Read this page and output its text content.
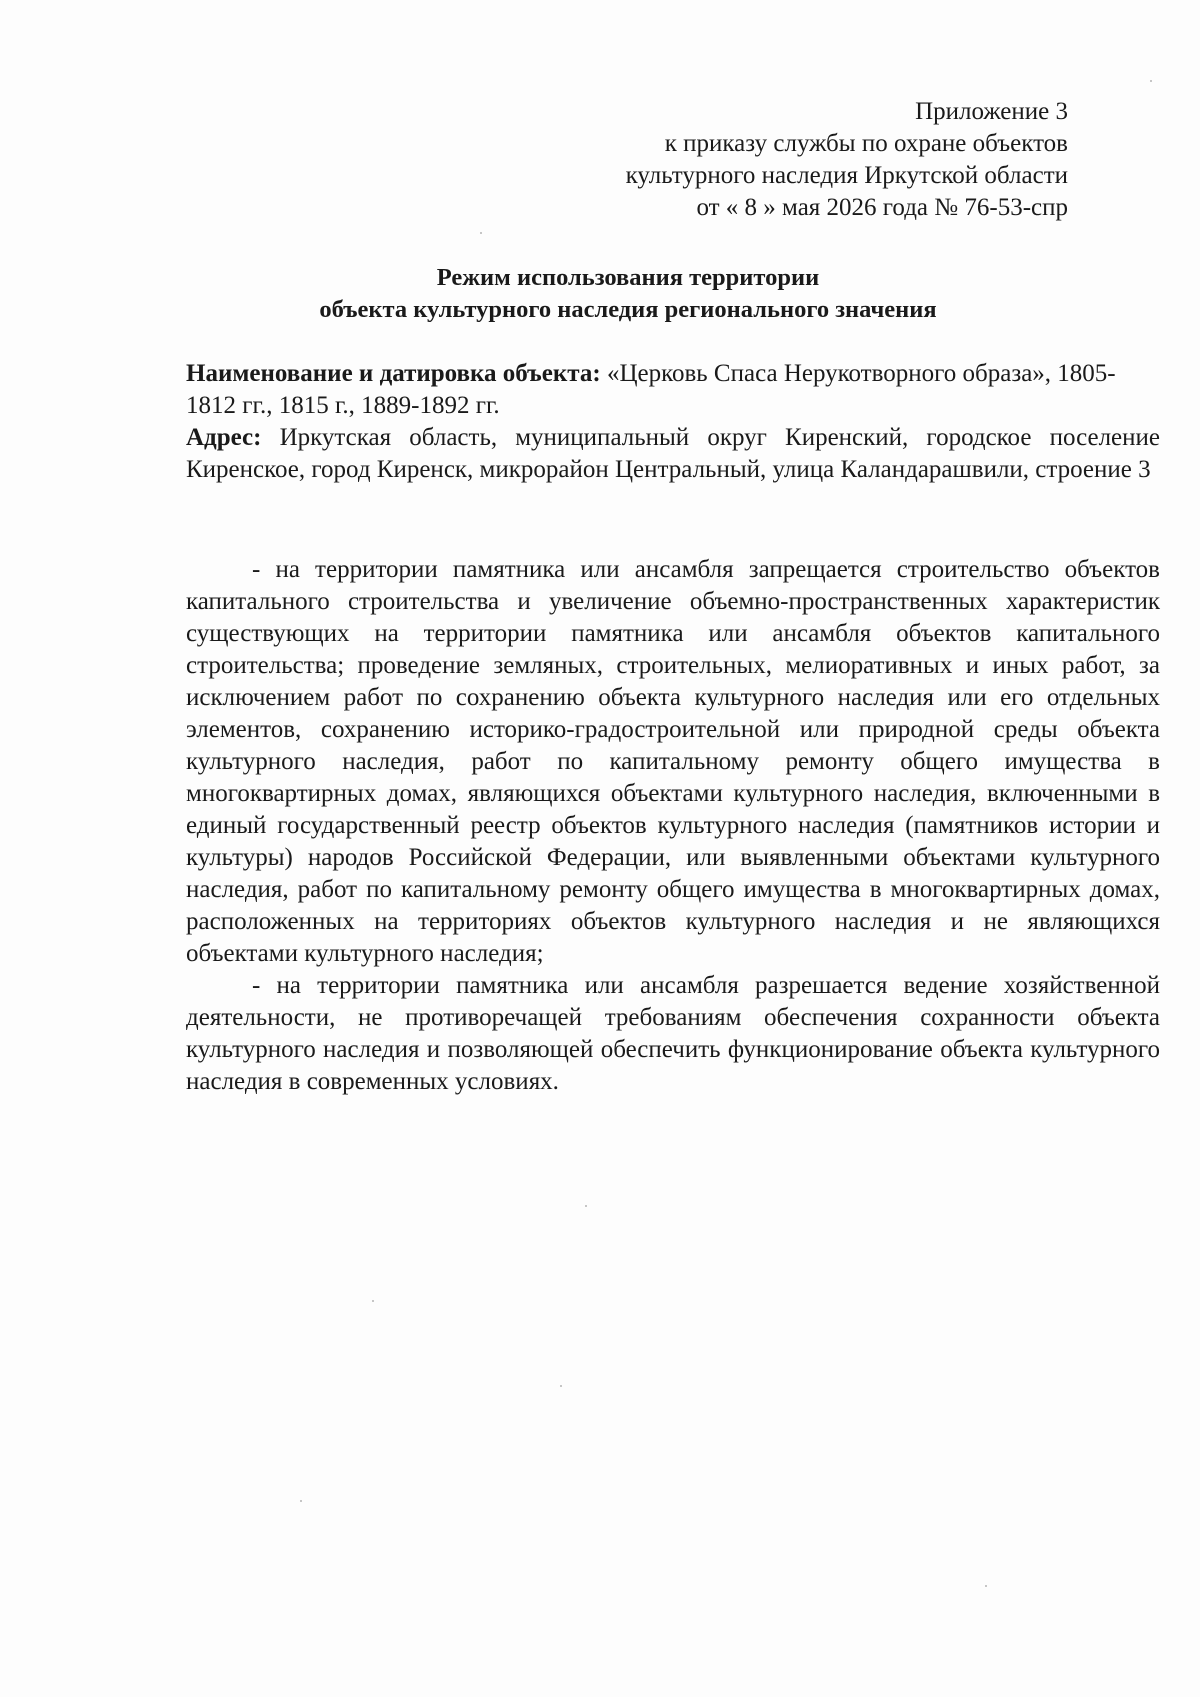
Приложение 3
к приказу службы по охране объектов
культурного наследия Иркутской области
от « 8 » мая 2026 года № 76-53-спр
Режим использования территории
объекта культурного наследия регионального значения
Наименование и датировка объекта: «Церковь Спаса Нерукотворного образа», 1805-1812 гг., 1815 г., 1889-1892 гг.
Адрес: Иркутская область, муниципальный округ Киренский, городское поселение Киренское, город Киренск, микрорайон Центральный, улица Каландарашвили, строение 3

- на территории памятника или ансамбля запрещается строительство объектов капитального строительства и увеличение объемно-пространственных характеристик существующих на территории памятника или ансамбля объектов капитального строительства; проведение земляных, строительных, мелиоративных и иных работ, за исключением работ по сохранению объекта культурного наследия или его отдельных элементов, сохранению историко-градостроительной или природной среды объекта культурного наследия, работ по капитальному ремонту общего имущества в многоквартирных домах, являющихся объектами культурного наследия, включенными в единый государственный реестр объектов культурного наследия (памятников истории и культуры) народов Российской Федерации, или выявленными объектами культурного наследия, работ по капитальному ремонту общего имущества в многоквартирных домах, расположенных на территориях объектов культурного наследия и не являющихся объектами культурного наследия;

- на территории памятника или ансамбля разрешается ведение хозяйственной деятельности, не противоречащей требованиям обеспечения сохранности объекта культурного наследия и позволяющей обеспечить функционирование объекта культурного наследия в современных условиях.
